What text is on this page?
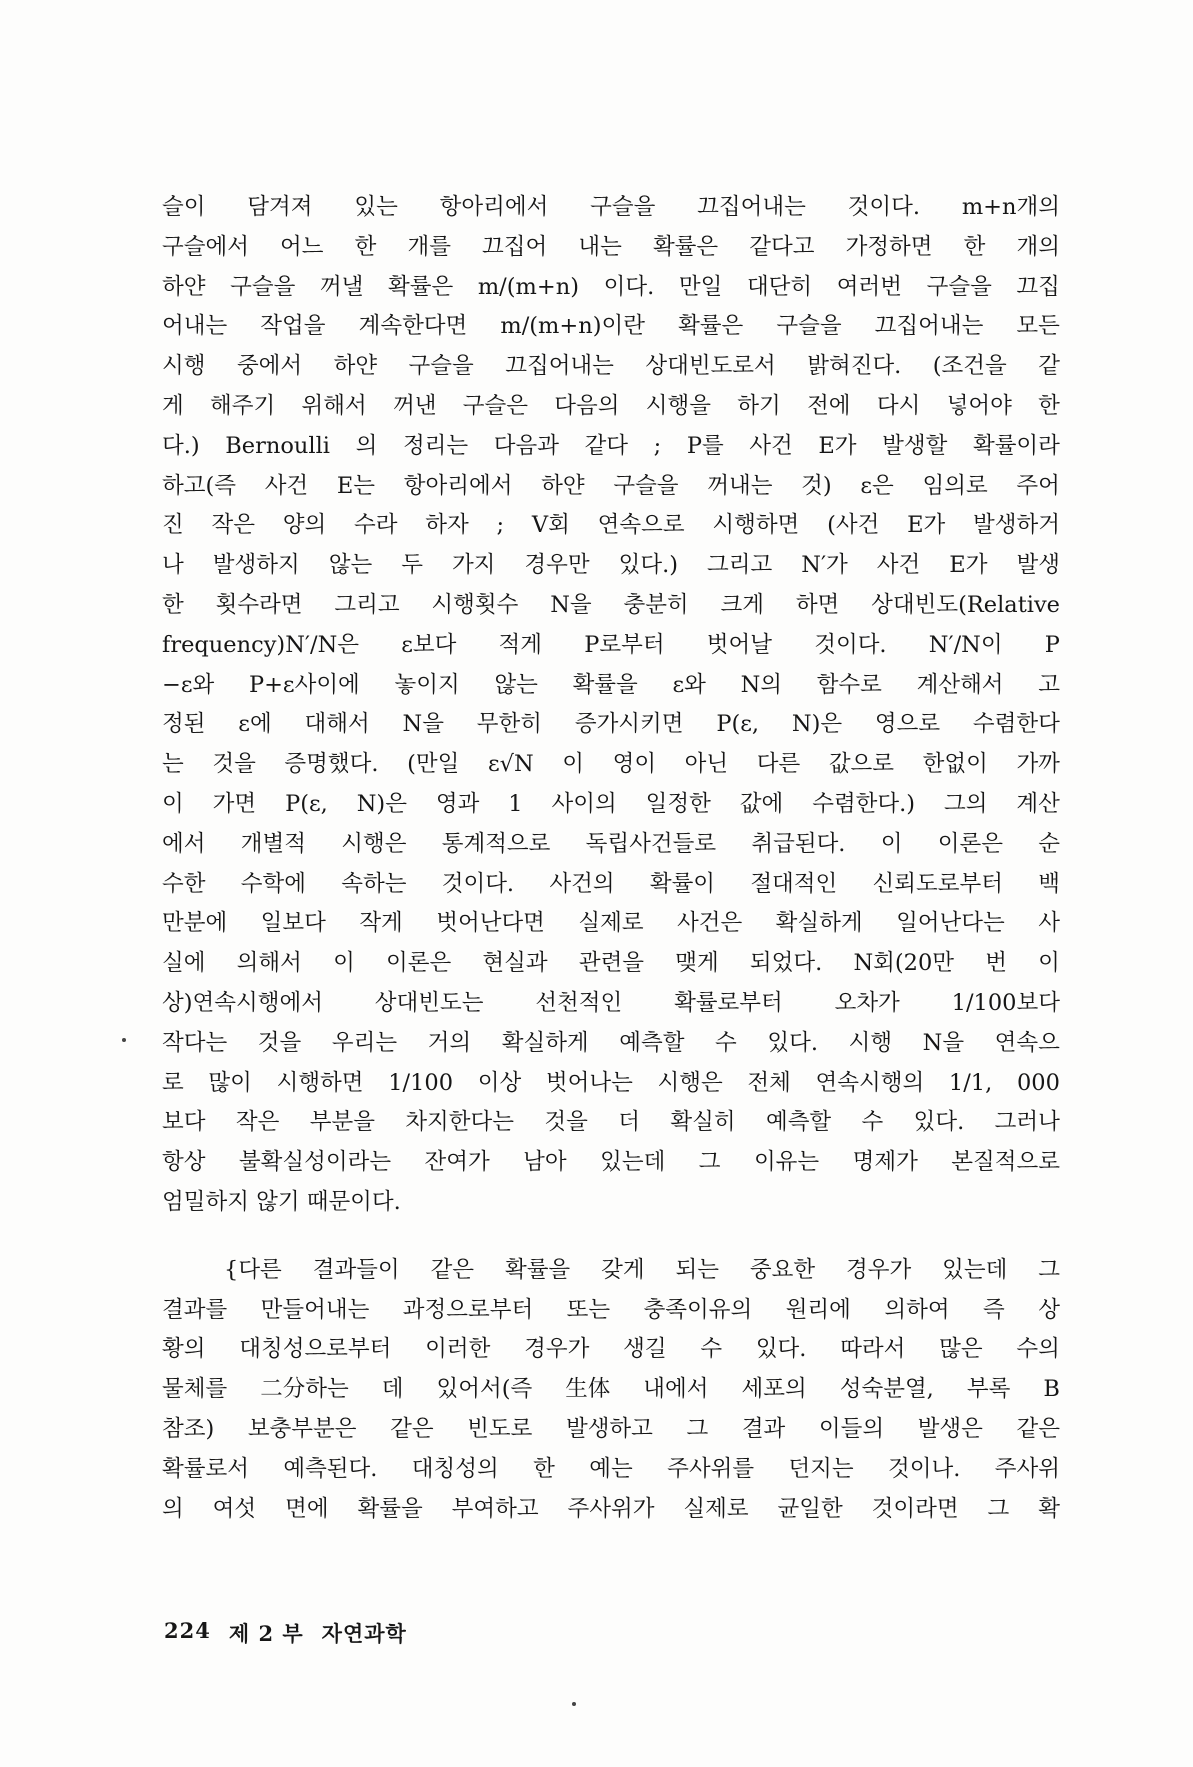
슬이 담겨져 있는 항아리에서 구슬을 끄집어내는 것이다. m+n개의
구슬에서 어느 한 개를 끄집어 내는 확률은 같다고 가정하면 한 개의
하얀 구슬을 꺼낼 확률은 m/(m+n) 이다. 만일 대단히 여러번 구슬을 끄집
어내는 작업을 계속한다면 m/(m+n)이란 확률은 구슬을 끄집어내는 모든
시행 중에서 하얀 구슬을 끄집어내는 상대빈도로서 밝혀진다. (조건을 같
게 해주기 위해서 꺼낸 구슬은 다음의 시행을 하기 전에 다시 넣어야 한
다.) Bernoulli 의 정리는 다음과 같다 ; P를 사건 E가 발생할 확률이라
하고(즉 사건 E는 항아리에서 하얀 구슬을 꺼내는 것) ε은 임의로 주어
진 작은 양의 수라 하자 ; V회 연속으로 시행하면 (사건 E가 발생하거
나 발생하지 않는 두 가지 경우만 있다.) 그리고 N′가 사건 E가 발생
한 횟수라면 그리고 시행횟수 N을 충분히 크게 하면 상대빈도(Relative
frequency)N′/N은 ε보다 적게 P로부터 벗어날 것이다. N′/N이 P
−ε와 P+ε사이에 놓이지 않는 확률을 ε와 N의 함수로 계산해서 고
정된 ε에 대해서 N을 무한히 증가시키면 P(ε, N)은 영으로 수렴한다
는 것을 증명했다. (만일 ε√N 이 영이 아닌 다른 값으로 한없이 가까
이 가면 P(ε, N)은 영과 1 사이의 일정한 값에 수렴한다.) 그의 계산
에서 개별적 시행은 통계적으로 독립사건들로 취급된다. 이 이론은 순
수한 수학에 속하는 것이다. 사건의 확률이 절대적인 신뢰도로부터 백
만분에 일보다 작게 벗어난다면 실제로 사건은 확실하게 일어난다는 사
실에 의해서 이 이론은 현실과 관련을 맺게 되었다. N회(20만 번 이
상)연속시행에서 상대빈도는 선천적인 확률로부터 오차가 1/100보다
작다는 것을 우리는 거의 확실하게 예측할 수 있다. 시행 N을 연속으
로 많이 시행하면 1/100 이상 벗어나는 시행은 전체 연속시행의 1/1, 000
보다 작은 부분을 차지한다는 것을 더 확실히 예측할 수 있다. 그러나
항상 불확실성이라는 잔여가 남아 있는데 그 이유는 명제가 본질적으로
엄밀하지 않기 때문이다.
{다른 결과들이 같은 확률을 갖게 되는 중요한 경우가 있는데 그
결과를 만들어내는 과정으로부터 또는 충족이유의 원리에 의하여 즉 상
황의 대칭성으로부터 이러한 경우가 생길 수 있다. 따라서 많은 수의
물체를 二分하는 데 있어서(즉 生体 내에서 세포의 성숙분열, 부록 B
참조) 보충부분은 같은 빈도로 발생하고 그 결과 이들의 발생은 같은
확률로서 예측된다. 대칭성의 한 예는 주사위를 던지는 것이나. 주사위
의 여섯 면에 확률을 부여하고 주사위가 실제로 균일한 것이라면 그 확
224 제 2 부 자연과학
